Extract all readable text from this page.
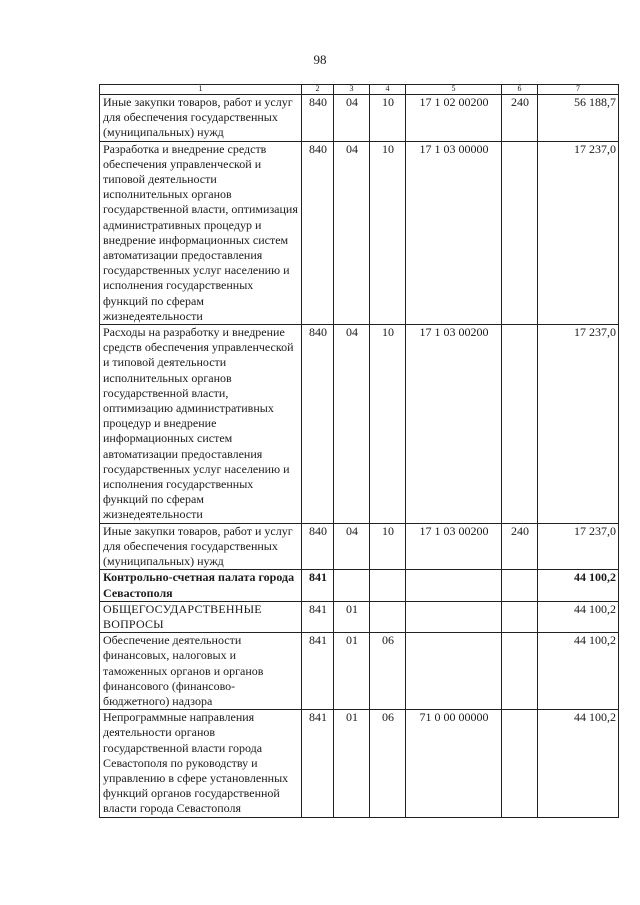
98
1	2	3	4	5	6	7
Иные закупки товаров, работ и услуг для обеспечения государственных (муниципальных) нужд	840	04	10	17 1 02 00200	240	56 188,7
Разработка и внедрение средств обеспечения управленческой и типовой деятельности исполнительных органов государственной власти, оптимизация административных процедур и внедрение информационных систем автоматизации предоставления государственных услуг населению и исполнения государственных функций по сферам жизнедеятельности	840	04	10	17 1 03 00000		17 237,0
Расходы на разработку и внедрение средств обеспечения управленческой и типовой деятельности исполнительных органов государственной власти, оптимизацию административных процедур и внедрение информационных систем автоматизации предоставления государственных услуг населению и исполнения государственных функций по сферам жизнедеятельности	840	04	10	17 1 03 00200		17 237,0
Иные закупки товаров, работ и услуг для обеспечения государственных (муниципальных) нужд	840	04	10	17 1 03 00200	240	17 237,0
Контрольно-счетная палата города Севастополя	841					44 100,2
ОБЩЕГОСУДАРСТВЕННЫЕ ВОПРОСЫ	841	01				44 100,2
Обеспечение деятельности финансовых, налоговых и таможенных органов и органов финансового (финансово-бюджетного) надзора	841	01	06			44 100,2
Непрограммные направления деятельности органов государственной власти города Севастополя по руководству и управлению в сфере установленных функций органов государственной власти города Севастополя	841	01	06	71 0 00 00000		44 100,2
